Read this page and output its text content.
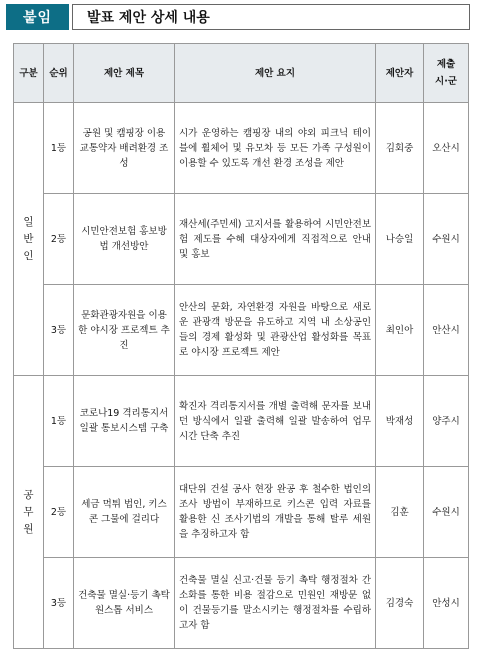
붙임	발표 제안 상세 내용
구분	순위	제안 제목	제안 요지	제안자	제출
시·군
일반인	1등	공원 및 캠핑장 이용 교통약자 배려환경 조성	시가 운영하는 캠핑장 내의 야외 피크닉 테이블에 휠체어 및 유모차 등 모든 가족 구성원이 이용할 수 있도록 개선 환경 조성을 제안	김회중	오산시
	2등	시민안전보험 홍보방법 개선방안	재산세(주민세) 고지서를 활용하여 시민안전보험 제도를 수혜 대상자에게 직접적으로 안내 및 홍보	나승일	수원시
	3등	문화관광자원을 이용한 야시장 프로젝트 추진	안산의 문화, 자연환경 자원을 바탕으로 새로운 관광객 방문을 유도하고 지역 내 소상공인들의 경제 활성화 및 관광산업 활성화를 목표로 야시장 프로젝트 제안	최인아	안산시
공무원	1등	코로나19 격리통지서 일괄 통보시스템 구축	확진자 격리통지서를 개별 출력해 문자를 보내던 방식에서 일괄 출력해 일괄 발송하여 업무 시간 단축 추진	박재성	양주시
	2등	세금 먹튀 법인, 키스콘 그물에 걸리다	대단위 건설 공사 현장 완공 후 철수한 법인의 조사 방법이 부재하므로 키스콘 입력 자료를 활용한 신 조사기법의 개발을 통해 탈루 세원을 추징하고자 함	김훈	수원시
	3등	건축물 멸실·등기 촉탁 원스톱 서비스	건축물 멸실 신고·건물 등기 촉탁 행정절차 간소화를 통한 비용 절감으로 민원인 재방문 없이 건물등기를 말소시키는 행정절차를 수립하고자 함	김경숙	안성시
